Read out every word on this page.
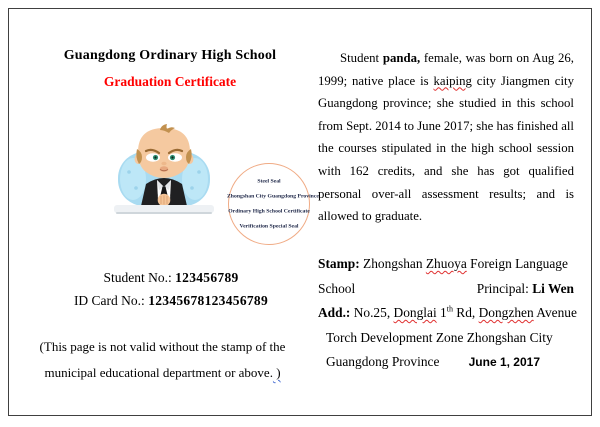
Guangdong Ordinary High School
Graduation Certificate
Steel Seal
Zhongshan City Guangdong Province
Ordinary High School Certificate
Verification Special Seal
Student No.: 123456789
ID Card No.: 12345678123456789
(This page is not valid without the stamp of the
municipal educational department or above. )

Student panda, female, was born on Aug 26, 1999; native place is kaiping city Jiangmen city Guangdong province; she studied in this school from Sept. 2014 to June 2017; she has finished all the courses stipulated in the high school session with 162 credits, and she has got qualified personal over-all assessment results; and is allowed to graduate.

Stamp: Zhongshan Zhuoya Foreign Language
School	Principal: Li Wen
Add.: No.25, Donglai 1th Rd, Dongzhen Avenue
Torch Development Zone Zhongshan City
Guangdong Province June 1, 2017
